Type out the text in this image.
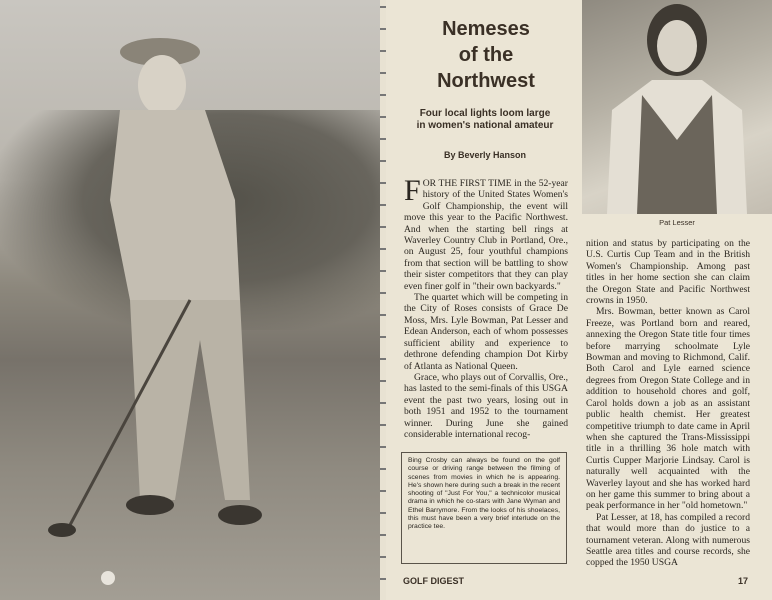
Pat Lesser
Nemeses
of the
Northwest

Four local lights loom large
in women's national amateur

By Beverly Hanson

FOR THE FIRST TIME in the 52-year history of the United States Women's Golf Championship, the event will move this year to the Pacific Northwest. And when the starting bell rings at Waverley Country Club in Portland, Ore., on August 25, four youthful champions from that section will be battling to show their sister competitors that they can play even finer golf in "their own backyards."

The quartet which will be competing in the City of Roses consists of Grace De Moss, Mrs. Lyle Bowman, Pat Lesser and Edean Anderson, each of whom possesses sufficient ability and experience to dethrone defending champion Dot Kirby of Atlanta as National Queen.

Grace, who plays out of Corvallis, Ore., has lasted to the semi-finals of this USGA event the past two years, losing out in both 1951 and 1952 to the tournament winner. During June she gained considerable international recog-

nition and status by participating on the U.S. Curtis Cup Team and in the British Women's Championship. Among past titles in her home section she can claim the Oregon State and Pacific Northwest crowns in 1950.

Mrs. Bowman, better known as Carol Freeze, was Portland born and reared, annexing the Oregon State title four times before marrying schoolmate Lyle Bowman and moving to Richmond, Calif. Both Carol and Lyle earned science degrees from Oregon State College and in addition to household chores and golf, Carol holds down a job as an assistant public health chemist. Her greatest competitive triumph to date came in April when she captured the Trans-Mississippi title in a thrilling 36 hole match with Curtis Cupper Marjorie Lindsay. Carol is naturally well acquainted with the Waverley layout and she has worked hard on her game this summer to bring about a peak performance in her "old hometown."

Pat Lesser, at 18, has compiled a record that would more than do justice to a tournament veteran. Along with numerous Seattle area titles and course records, she copped the 1950 USGA

Bing Crosby can always be found on the golf course or driving range between the filming of scenes from movies in which he is appearing. He's shown here during such a break in the recent shooting of "Just For You," a technicolor musical drama in which he co-stars with Jane Wyman and Ethel Barrymore. From the looks of his shoelaces, this must have been a very brief interlude on the practice tee.
GOLF DIGEST	17
